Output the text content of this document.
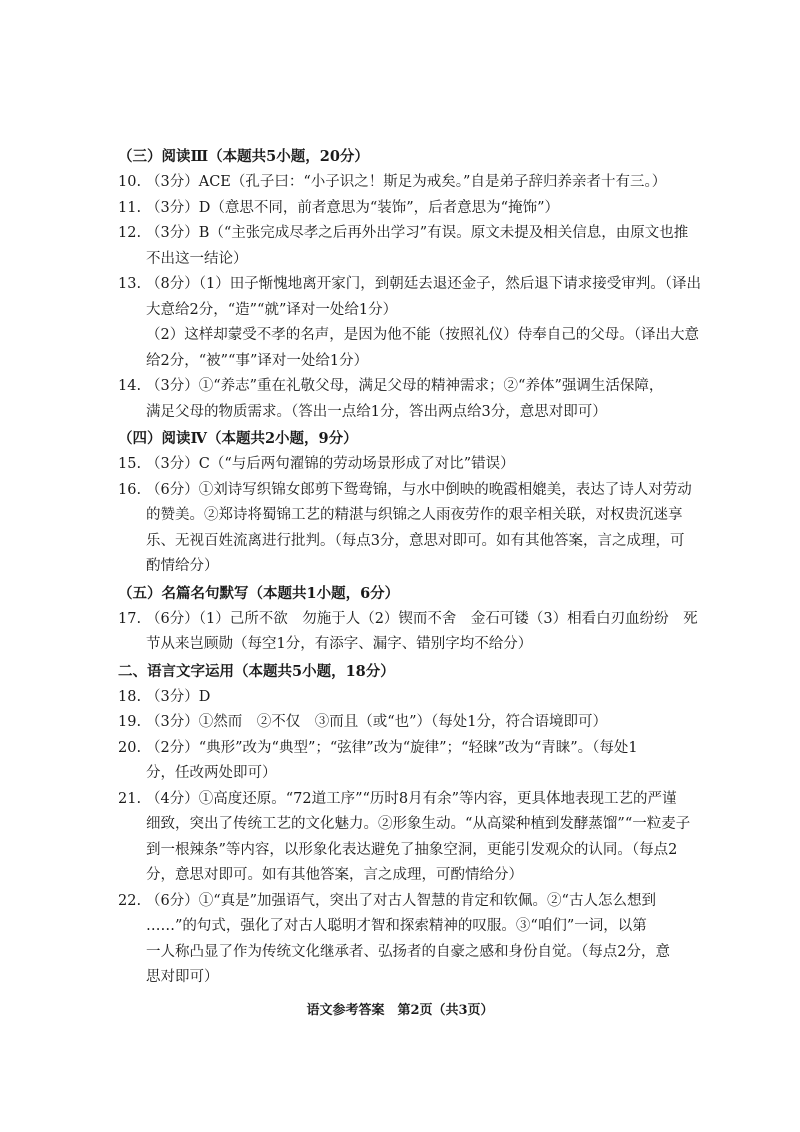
（三）阅读Ⅲ（本题共5小题，20分）
10. （3分）ACE（孔子曰：“小子识之！斯足为戒矣。”自是弟子辞归养亲者十有三。）
11. （3分）D（意思不同，前者意思为“装饰”，后者意思为“掩饰”）
12. （3分）B（“主张完成尽孝之后再外出学习”有误。原文未提及相关信息，由原文也推
不出这一结论）
13. （8分）（1）田子惭愧地离开家门，到朝廷去退还金子，然后退下请求接受审判。（译出
大意给2分，“造”“就”译对一处给1分）
（2）这样却蒙受不孝的名声，是因为他不能（按照礼仪）侍奉自己的父母。（译出大意
给2分，“被”“事”译对一处给1分）
14. （3分）①“养志”重在礼敬父母，满足父母的精神需求；②“养体”强调生活保障，
满足父母的物质需求。（答出一点给1分，答出两点给3分，意思对即可）
（四）阅读Ⅳ（本题共2小题，9分）
15. （3分）C（“与后两句濯锦的劳动场景形成了对比”错误）
16. （6分）①刘诗写织锦女郎剪下鸳鸯锦，与水中倒映的晚霞相媲美，表达了诗人对劳动
的赞美。②郑诗将蜀锦工艺的精湛与织锦之人雨夜劳作的艰辛相关联，对权贵沉迷享
乐、无视百姓流离进行批判。（每点3分，意思对即可。如有其他答案，言之成理，可
酌情给分）
（五）名篇名句默写（本题共1小题，6分）
17. （6分）（1）己所不欲　勿施于人（2）锲而不舍　金石可镂（3）相看白刃血纷纷　死
节从来岂顾勋（每空1分，有添字、漏字、错别字均不给分）
二、语言文字运用（本题共5小题，18分）
18. （3分）D
19. （3分）①然而　②不仅　③而且（或“也”）（每处1分，符合语境即可）
20. （2分）“典形”改为“典型”；“弦律”改为“旋律”；“轻睐”改为“青睐”。（每处1
分，任改两处即可）
21. （4分）①高度还原。“72道工序”“历时8月有余”等内容，更具体地表现工艺的严谨
细致，突出了传统工艺的文化魅力。②形象生动。“从高粱种植到发酵蒸馏”“一粒麦子
到一根辣条”等内容，以形象化表达避免了抽象空洞，更能引发观众的认同。（每点2
分，意思对即可。如有其他答案，言之成理，可酌情给分）
22. （6分）①“真是”加强语气，突出了对古人智慧的肯定和钦佩。②“古人怎么想到
……”的句式，强化了对古人聪明才智和探索精神的叹服。③“咱们”一词，以第
一人称凸显了作为传统文化继承者、弘扬者的自豪之感和身份自觉。（每点2分，意
思对即可）
语文参考答案　第2页（共3页）
